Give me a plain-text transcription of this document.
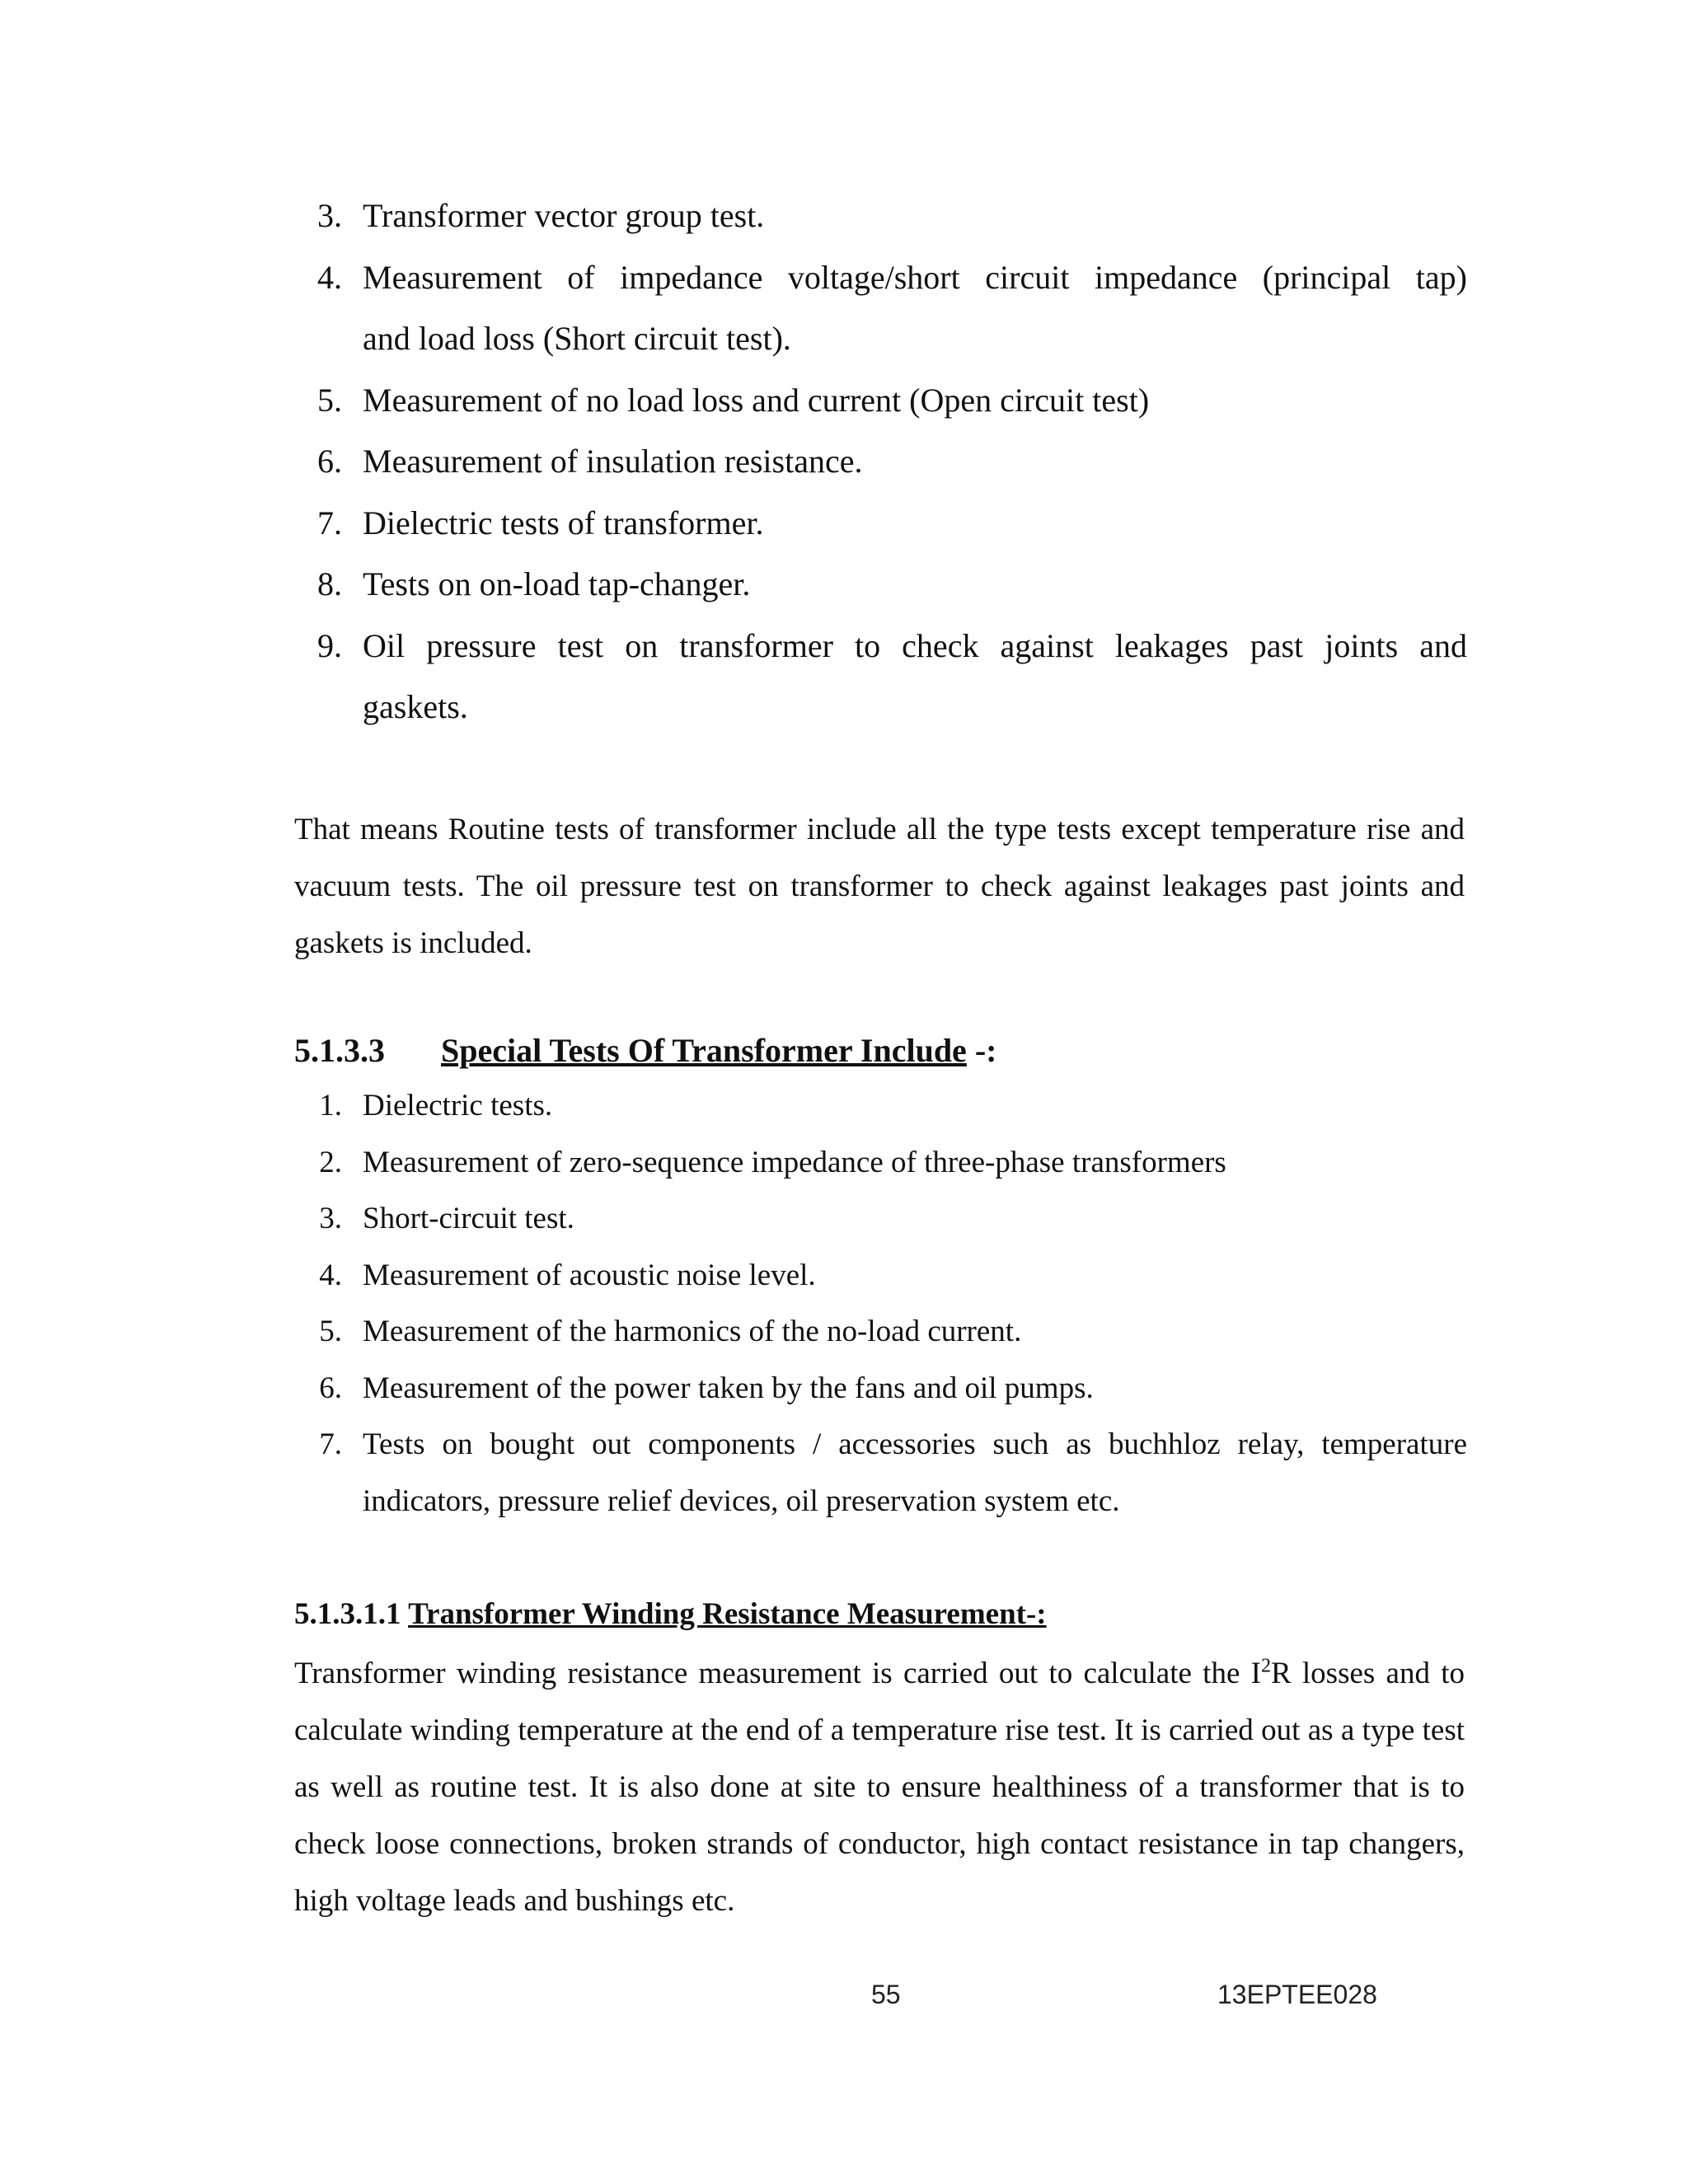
3. Transformer vector group test.
4. Measurement of impedance voltage/short circuit impedance (principal tap)
and load loss (Short circuit test).
5. Measurement of no load loss and current (Open circuit test)
6. Measurement of insulation resistance.
7. Dielectric tests of transformer.
8. Tests on on-load tap-changer.
9. Oil pressure test on transformer to check against leakages past joints and
gaskets.

That means Routine tests of transformer include all the type tests except temperature rise and vacuum tests. The oil pressure test on transformer to check against leakages past joints and gaskets is included.

5.1.3.3 Special Tests Of Transformer Include -:
1. Dielectric tests.
2. Measurement of zero-sequence impedance of three-phase transformers
3. Short-circuit test.
4. Measurement of acoustic noise level.
5. Measurement of the harmonics of the no-load current.
6. Measurement of the power taken by the fans and oil pumps.
7. Tests on bought out components / accessories such as buchhloz relay, temperature
indicators, pressure relief devices, oil preservation system etc.
5.1.3.1.1 Transformer Winding Resistance Measurement-:

Transformer winding resistance measurement is carried out to calculate the $I^2R$ losses and to calculate winding temperature at the end of a temperature rise test. It is carried out as a type test as well as routine test. It is also done at site to ensure healthiness of a transformer that is to check loose connections, broken strands of conductor, high contact resistance in tap changers, high voltage leads and bushings etc.

55	13EPTEE028
